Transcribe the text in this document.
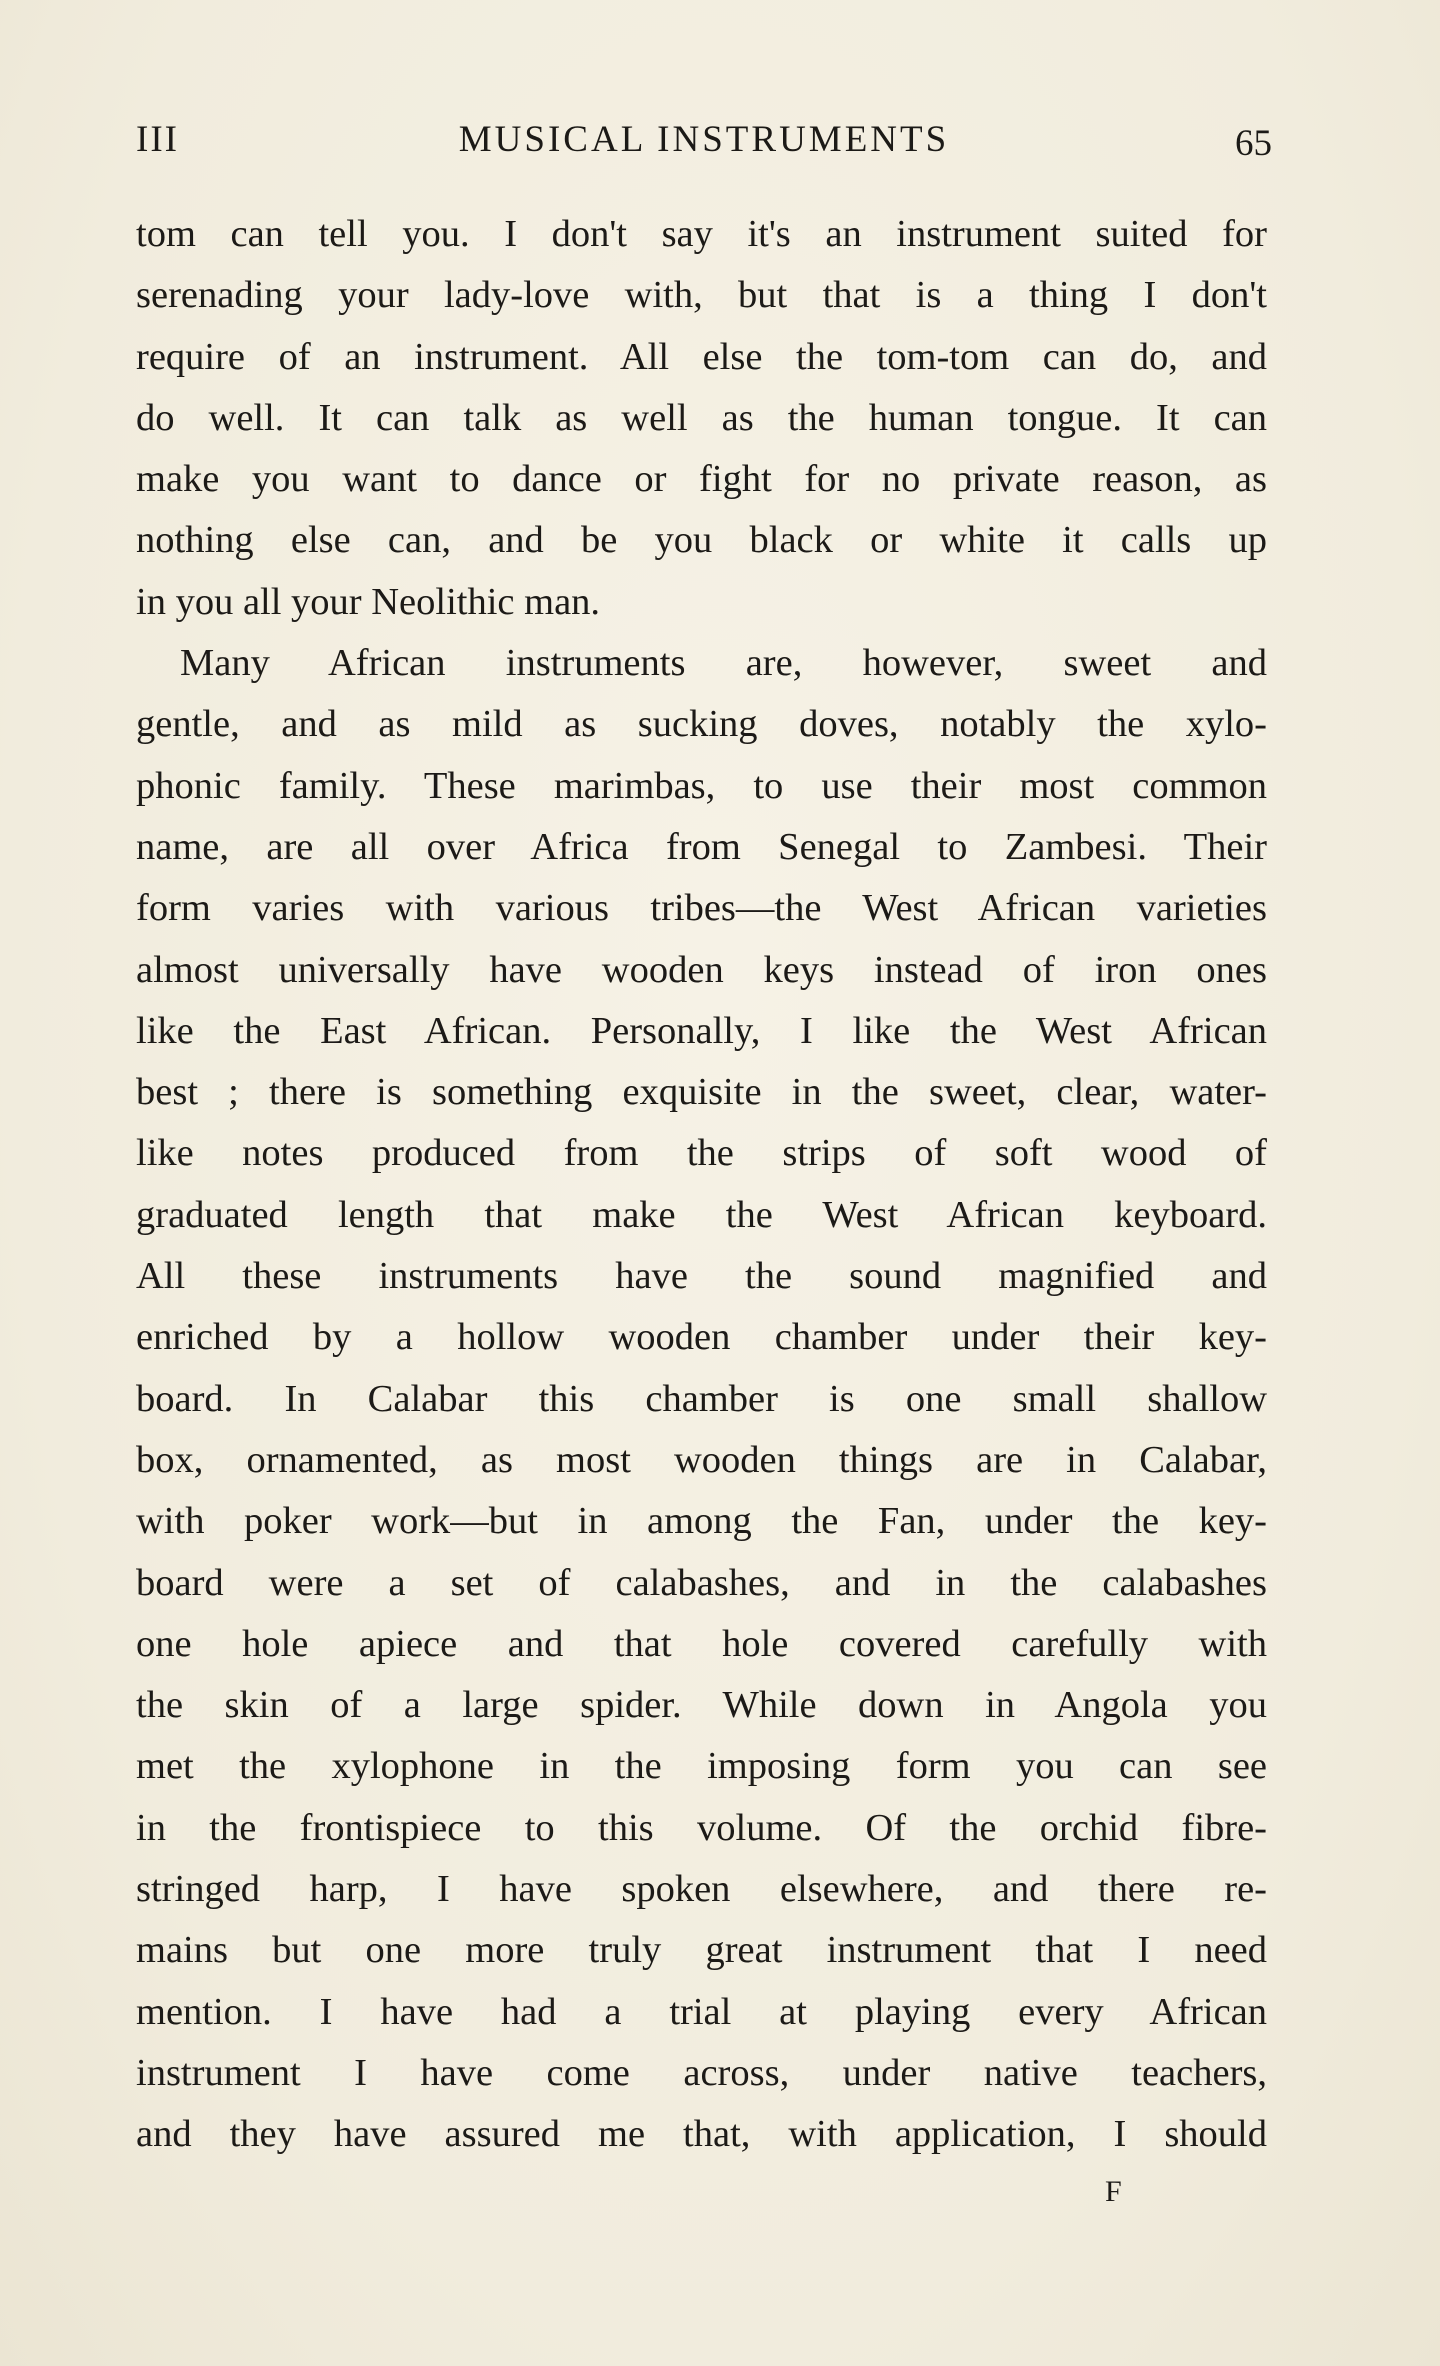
III	MUSICAL INSTRUMENTS	65
tom can tell you. I don't say it's an instrument suited for
serenading your lady-love with, but that is a thing I don't
require of an instrument. All else the tom-tom can do, and
do well. It can talk as well as the human tongue. It can
make you want to dance or fight for no private reason, as
nothing else can, and be you black or white it calls up
in you all your Neolithic man.
Many African instruments are, however, sweet and
gentle, and as mild as sucking doves, notably the xylo-
phonic family. These marimbas, to use their most common
name, are all over Africa from Senegal to Zambesi. Their
form varies with various tribes—the West African varieties
almost universally have wooden keys instead of iron ones
like the East African. Personally, I like the West African
best ; there is something exquisite in the sweet, clear, water-
like notes produced from the strips of soft wood of
graduated length that make the West African keyboard.
All these instruments have the sound magnified and
enriched by a hollow wooden chamber under their key-
board. In Calabar this chamber is one small shallow
box, ornamented, as most wooden things are in Calabar,
with poker work—but in among the Fan, under the key-
board were a set of calabashes, and in the calabashes
one hole apiece and that hole covered carefully with
the skin of a large spider. While down in Angola you
met the xylophone in the imposing form you can see
in the frontispiece to this volume. Of the orchid fibre-
stringed harp, I have spoken elsewhere, and there re-
mains but one more truly great instrument that I need
mention. I have had a trial at playing every African
instrument I have come across, under native teachers,
and they have assured me that, with application, I should
F
